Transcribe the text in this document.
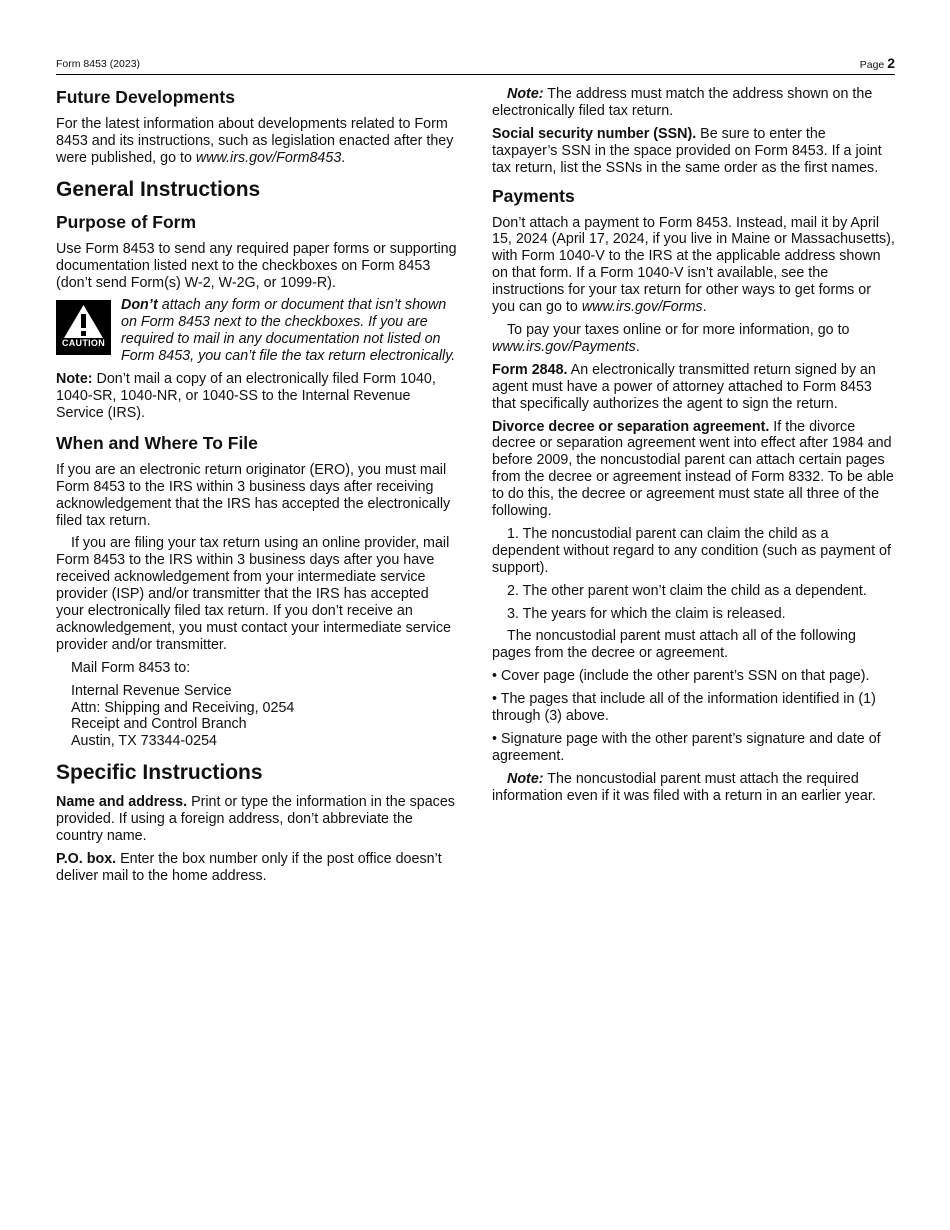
Form 8453 (2023)	Page 2
Future Developments

For the latest information about developments related to Form 8453 and its instructions, such as legislation enacted after they were published, go to www.irs.gov/Form8453.

General Instructions
Purpose of Form

Use Form 8453 to send any required paper forms or supporting documentation listed next to the checkboxes on Form 8453 (don’t send Form(s) W-2, W-2G, or 1099-R).

CAUTION
Don’t attach any form or document that isn’t shown on Form 8453 next to the checkboxes. If you are required to mail in any documentation not listed on Form 8453, you can’t file the tax return electronically.

Note: Don’t mail a copy of an electronically filed Form 1040, 1040-SR, 1040-NR, or 1040-SS to the Internal Revenue Service (IRS).

When and Where To File

If you are an electronic return originator (ERO), you must mail Form 8453 to the IRS within 3 business days after receiving acknowledgement that the IRS has accepted the electronically filed tax return.

If you are filing your tax return using an online provider, mail Form 8453 to the IRS within 3 business days after you have received acknowledgement from your intermediate service provider (ISP) and/or transmitter that the IRS has accepted your electronically filed tax return. If you don’t receive an acknowledgement, you must contact your intermediate service provider and/or transmitter.

Mail Form 8453 to:

Internal Revenue Service
Attn: Shipping and Receiving, 0254
Receipt and Control Branch
Austin, TX 73344-0254
Specific Instructions

Name and address. Print or type the information in the spaces provided. If using a foreign address, don’t abbreviate the country name.

P.O. box. Enter the box number only if the post office doesn’t deliver mail to the home address.

Note: The address must match the address shown on the electronically filed tax return.

Social security number (SSN). Be sure to enter the taxpayer’s SSN in the space provided on Form 8453. If a joint tax return, list the SSNs in the same order as the first names.

Payments

Don’t attach a payment to Form 8453. Instead, mail it by April 15, 2024 (April 17, 2024, if you live in Maine or Massachusetts), with Form 1040-V to the IRS at the applicable address shown on that form. If a Form 1040-V isn’t available, see the instructions for your tax return for other ways to get forms or you can go to www.irs.gov/Forms.

To pay your taxes online or for more information, go to www.irs.gov/Payments.

Form 2848. An electronically transmitted return signed by an agent must have a power of attorney attached to Form 8453 that specifically authorizes the agent to sign the return.

Divorce decree or separation agreement. If the divorce decree or separation agreement went into effect after 1984 and before 2009, the noncustodial parent can attach certain pages from the decree or agreement instead of Form 8332. To be able to do this, the decree or agreement must state all three of the following.

1. The noncustodial parent can claim the child as a dependent without regard to any condition (such as payment of support).

2. The other parent won’t claim the child as a dependent.

3. The years for which the claim is released.

The noncustodial parent must attach all of the following pages from the decree or agreement.

• Cover page (include the other parent’s SSN on that page).

• The pages that include all of the information identified in (1) through (3) above.

• Signature page with the other parent’s signature and date of agreement.

Note: The noncustodial parent must attach the required information even if it was filed with a return in an earlier year.
